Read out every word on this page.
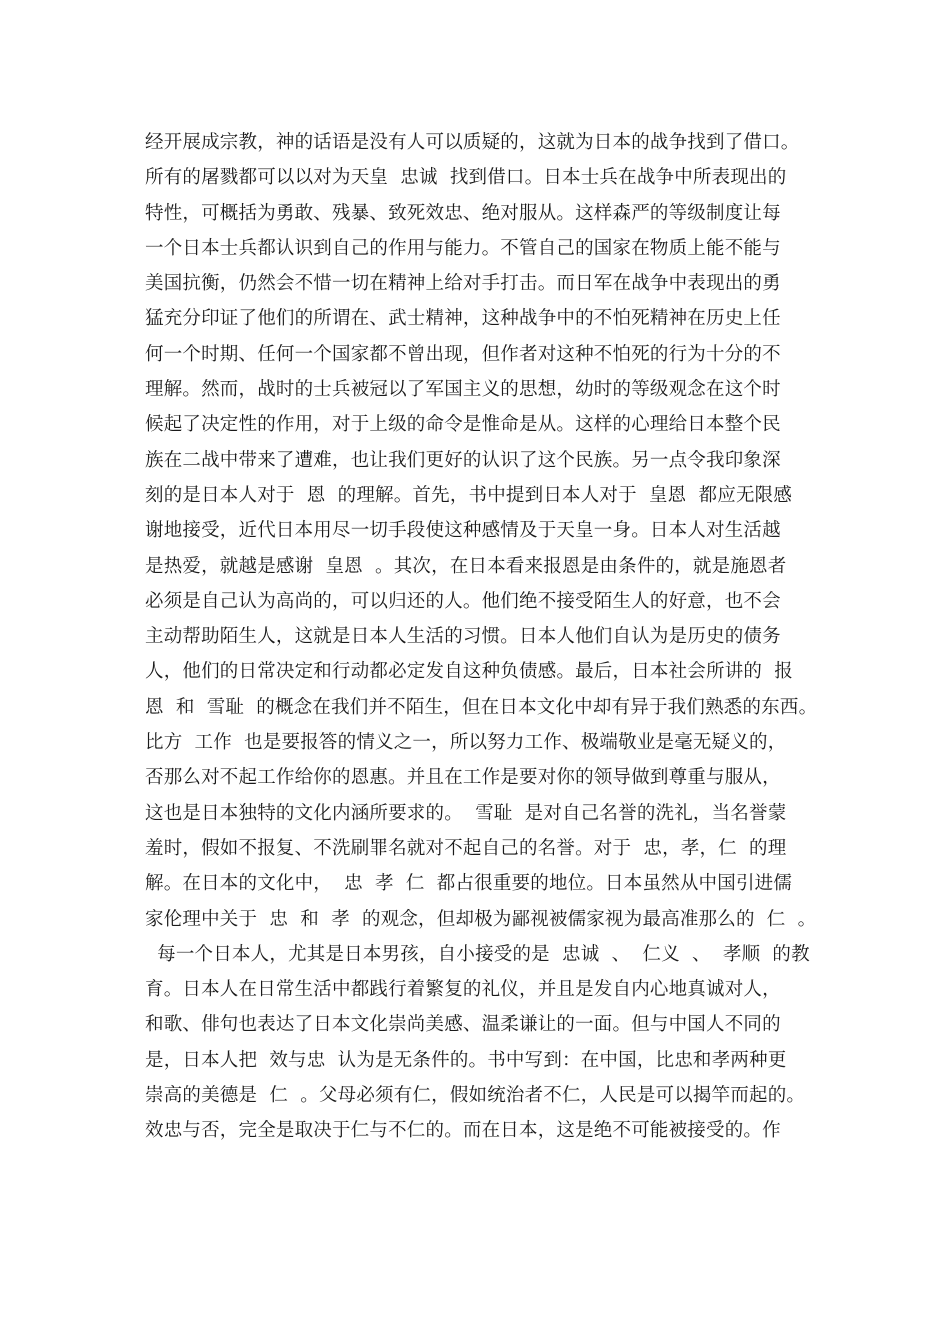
经开展成宗教，神的话语是没有人可以质疑的，这就为日本的战争找到了借口。
所有的屠戮都可以以对为天皇  忠诚  找到借口。日本士兵在战争中所表现出的
特性，可概括为勇敢、残暴、致死效忠、绝对服从。这样森严的等级制度让每
一个日本士兵都认识到自己的作用与能力。不管自己的国家在物质上能不能与
美国抗衡，仍然会不惜一切在精神上给对手打击。而日军在战争中表现出的勇
猛充分印证了他们的所谓在、武士精神，这种战争中的不怕死精神在历史上任
何一个时期、任何一个国家都不曾出现，但作者对这种不怕死的行为十分的不
理解。然而，战时的士兵被冠以了军国主义的思想，幼时的等级观念在这个时
候起了决定性的作用，对于上级的命令是惟命是从。这样的心理给日本整个民
族在二战中带来了遭难，也让我们更好的认识了这个民族。另一点令我印象深
刻的是日本人对于  恩  的理解。首先，书中提到日本人对于  皇恩  都应无限感
谢地接受，近代日本用尽一切手段使这种感情及于天皇一身。日本人对生活越
是热爱，就越是感谢  皇恩  。其次，在日本看来报恩是由条件的，就是施恩者
必须是自己认为高尚的，可以归还的人。他们绝不接受陌生人的好意，也不会
主动帮助陌生人，这就是日本人生活的习惯。日本人他们自认为是历史的债务
人，他们的日常决定和行动都必定发自这种负债感。最后，日本社会所讲的  报
恩  和  雪耻  的概念在我们并不陌生，但在日本文化中却有异于我们熟悉的东西。
比方  工作  也是要报答的情义之一，所以努力工作、极端敬业是毫无疑义的，
否那么对不起工作给你的恩惠。并且在工作是要对你的领导做到尊重与服从，
这也是日本独特的文化内涵所要求的。  雪耻  是对自己名誉的洗礼，当名誉蒙
羞时，假如不报复、不洗刷罪名就对不起自己的名誉。对于  忠，孝，仁  的理
解。在日本的文化中，  忠  孝  仁  都占很重要的地位。日本虽然从中国引进儒
家伦理中关于  忠  和  孝  的观念，但却极为鄙视被儒家视为最高准那么的  仁  。
每一个日本人，尤其是日本男孩，自小接受的是  忠诚  、  仁义  、  孝顺  的教
育。日本人在日常生活中都践行着繁复的礼仪，并且是发自内心地真诚对人，
和歌、俳句也表达了日本文化崇尚美感、温柔谦让的一面。但与中国人不同的
是，日本人把  效与忠  认为是无条件的。书中写到：在中国，比忠和孝两种更
崇高的美德是  仁  。父母必须有仁，假如统治者不仁，人民是可以揭竿而起的。
效忠与否，完全是取决于仁与不仁的。而在日本，这是绝不可能被接受的。作
